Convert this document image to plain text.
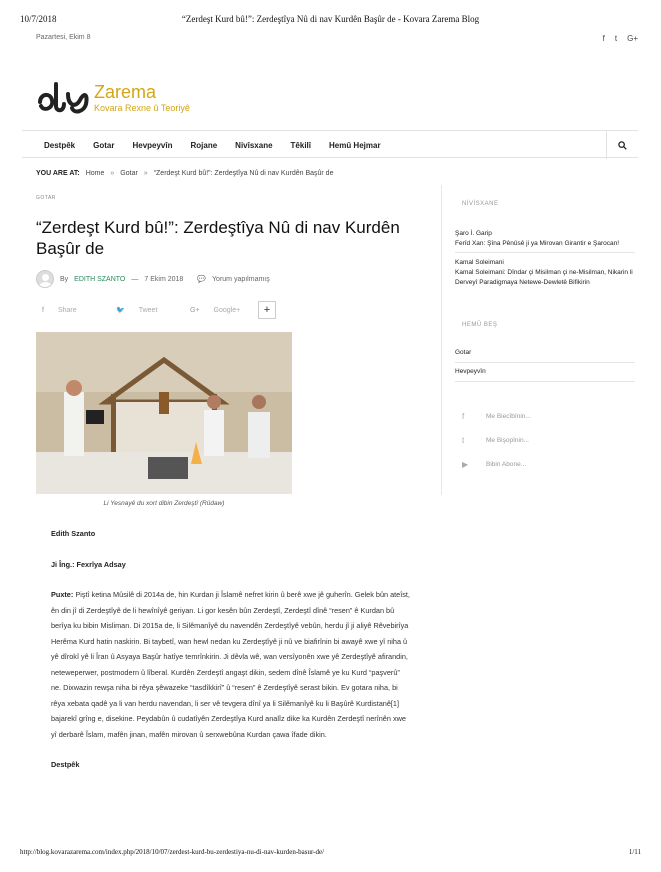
10/7/2018	“Zerdeşt Kurd bû!”: Zerdeştîya Nû di nav Kurdên Başûr de - Kovara Zarema Blog
Pazartesi, Ekim 8	f t G+
Zarema
Kovara Rexne û Teoriyê
Destpêk Gotar Hevpeyvîn Rojane Nivîsxane Têkilî Hemû Hejmar
YOU ARE AT: Home » Gotar » “Zerdeşt Kurd bû!”: Zerdeştîya Nû di nav Kurdên Başûr de
GOTAR
“Zerdeşt Kurd bû!”: Zerdeştîya Nû di nav Kurdên Başûr de
By EDITH SZANTO — 7 Ekim 2018 💬 Yorum yapılmamış
f Share	🐦 Tweet	G+ Google+	+
Li Yesnayê du xort dibin Zerdeştî (Rûdaw)

Edith Szanto

Ji Îng.: Fexrîya Adsay

Puxte: Piştî ketina Mûsilê di 2014a de, hin Kurdan ji Îslamê nefret kirin û berê xwe jê guherîn. Gelek bûn ateîst, ên din jî di Zerdeştîyê de li hewînîyê geriyan. Li gor kesên bûn Zerdeştî, Zerdeştî dînê “resen” ê Kurdan bû berîya ku bibin Misliman. Di 2015a de, li Silêmanîyê du navendên Zerdeştîyê vebûn, herdu jî ji aliyê Rêvebirîya Herêma Kurd hatin naskirin. Bi taybetî, wan hewl nedan ku Zerdeştîyê ji nû ve biafirînin bi awayê xwe yî niha û yê dîrokî yê li Îran û Asyaya Başûr hatîye temrînkirin. Ji dêvla wê, wan versîyonên xwe yê Zerdeştîyê afirandin, neteweperwer, postmodern û lîberal. Kurdên Zerdeştî angaşt dikin, sedem dînê Îslamê ye ku Kurd “paşverû” ne. Dixwazin rewşa niha bi rêya şêwazeke “tasdîkkirî” û “resen” ê Zerdeştîyê serast bikin. Ev gotara niha, bi rêya xebata qadê ya li van herdu navendan, li ser vê tevgera dînî ya li Silêmanîyê ku li Başûrê Kurdistanê[1] bajarekî grîng e, disekine. Peydabûn û cudatîyên Zerdeştîya Kurd analîz dike ka Kurdên Zerdeştî nerînên xwe yî derbarê Îslam, mafên jinan, mafên mirovan û serxwebûna Kurdan çawa îfade dikin.

Destpêk

NİVİSXANE
Şaro İ. Garip
Ferîd Xan: Şîna Pênûsê ji ya Mirovan Girantir e Şarocan!
Kamal Soleimani
Kamal Soleimani: Dîndar çi Misilman çi ne-Misilman, Nikarin li Derveyî Paradigmaya Netewe-Dewletê Bifikirin
HEMÛ BEŞ
Gotar
Hevpeyvîn
f	Me Biecîbînin...
t	Me Bişopînin...
▶	Bibin Abone...
http://blog.kovarazarema.com/index.php/2018/10/07/zerdest-kurd-bu-zerdestiya-nu-di-nav-kurden-basur-de/	1/11
